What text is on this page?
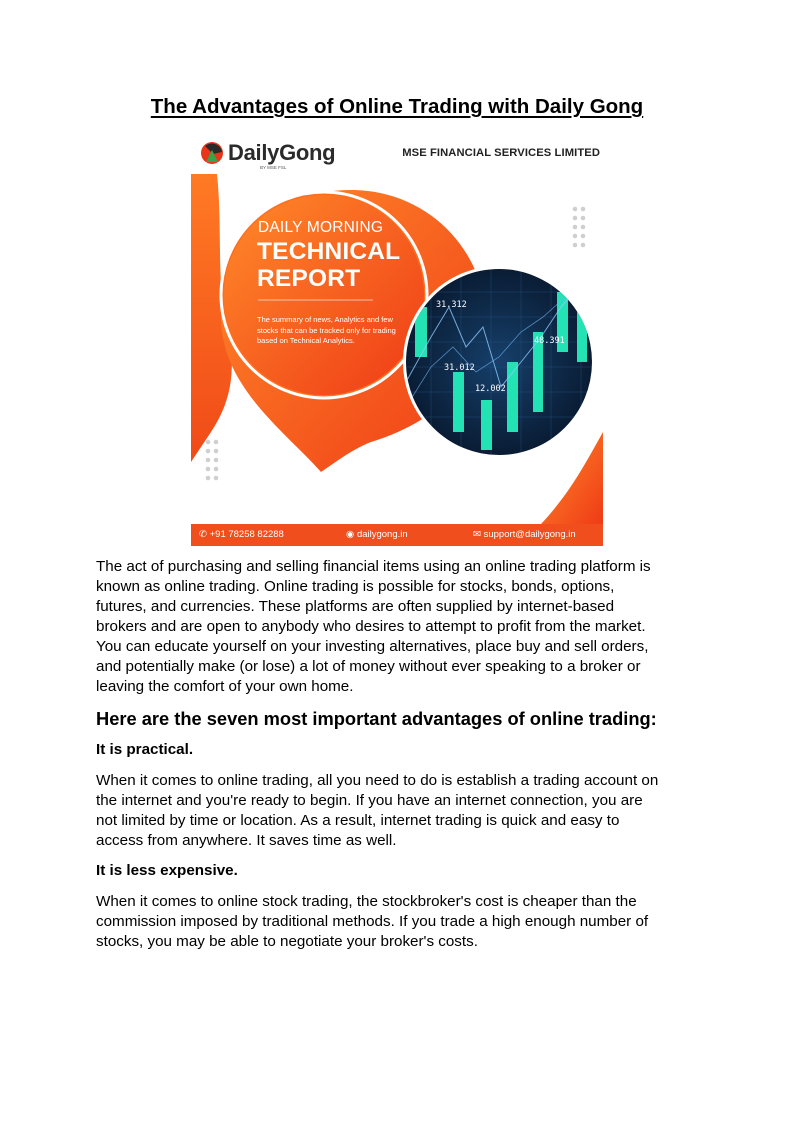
The Advantages of Online Trading with Daily Gong
DailyGong
BY MSE FSL
MSE FINANCIAL SERVICES LIMITED
DAILY MORNING
TECHNICAL
REPORT
The summary of news, Analytics and few stocks that can be tracked only for trading based on Technical Analytics.
31.312
48.391
31.012
12.002
70.1
✆ +91 78258 82288	◉ dailygong.in	✉ support@dailygong.in
The act of purchasing and selling financial items using an online trading platform is
known as online trading. Online trading is possible for stocks, bonds, options,
futures, and currencies. These platforms are often supplied by internet-based
brokers and are open to anybody who desires to attempt to profit from the market.
You can educate yourself on your investing alternatives, place buy and sell orders,
and potentially make (or lose) a lot of money without ever speaking to a broker or
leaving the comfort of your own home.
Here are the seven most important advantages of online trading:
It is practical.
When it comes to online trading, all you need to do is establish a trading account on
the internet and you're ready to begin. If you have an internet connection, you are
not limited by time or location. As a result, internet trading is quick and easy to
access from anywhere. It saves time as well.
It is less expensive.
When it comes to online stock trading, the stockbroker's cost is cheaper than the
commission imposed by traditional methods. If you trade a high enough number of
stocks, you may be able to negotiate your broker's costs.
